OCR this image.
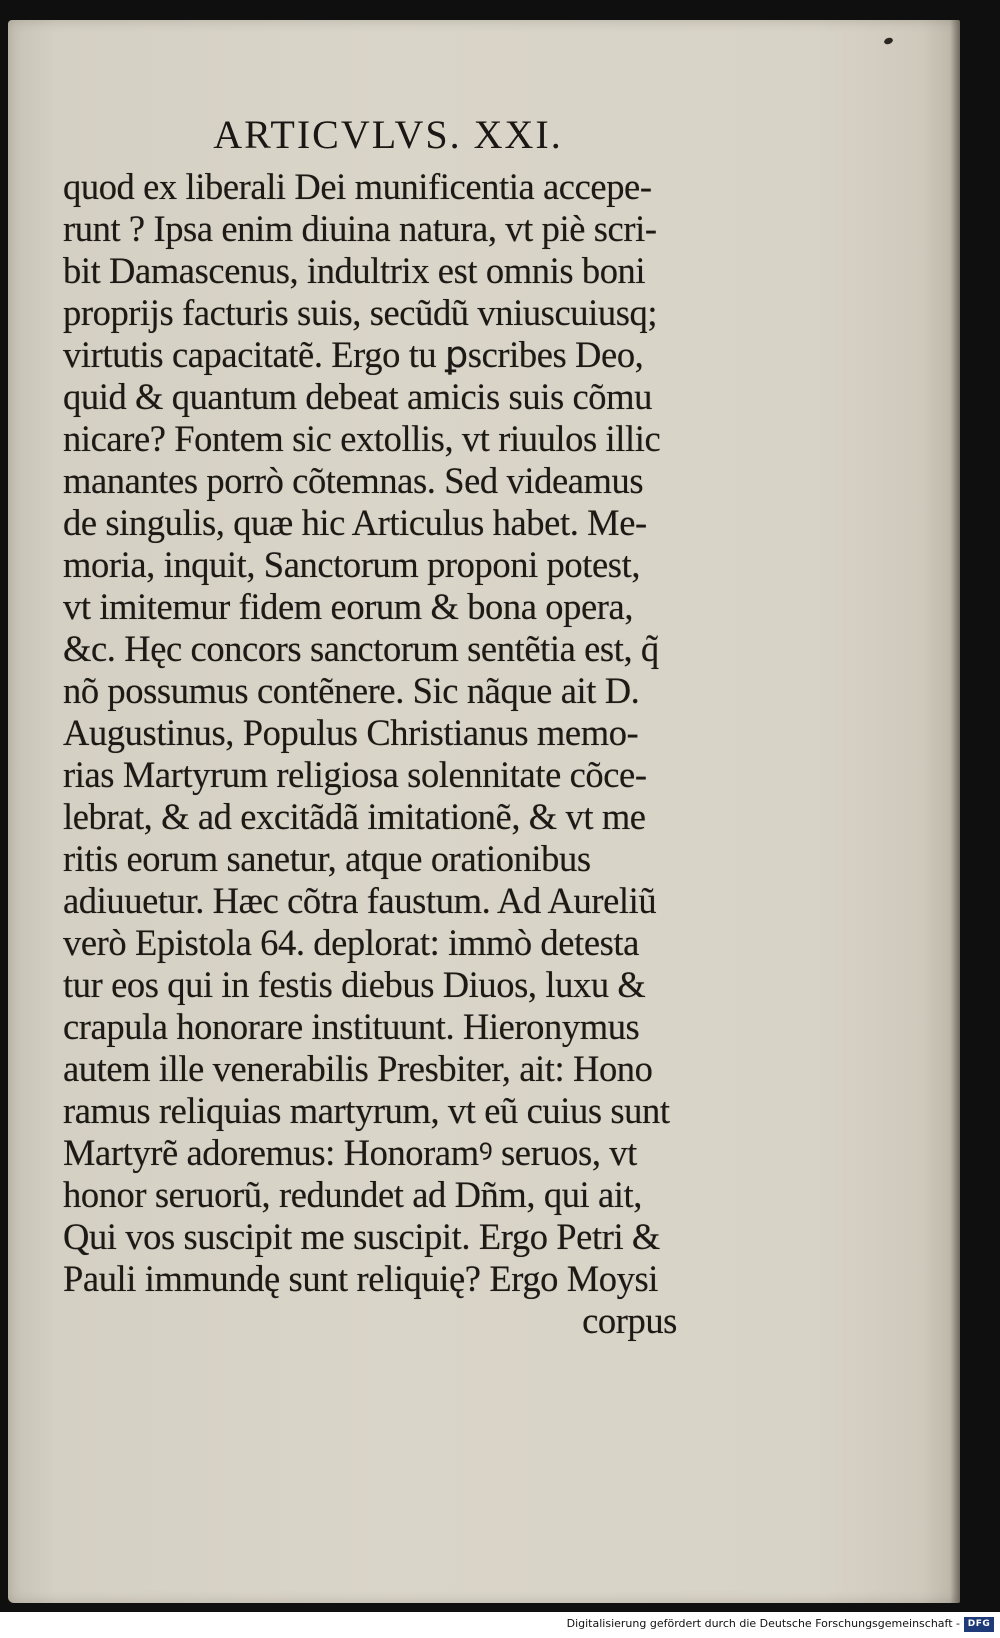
ARTICVLVS. XXI.
quod ex liberali Dei munificentia accepe-
runt ? Ipsa enim diuina natura, vt piè scri-
bit Damascenus, indultrix est omnis boni
proprijs facturis suis, secũdũ vniuscuiusq;
virtutis capacitatẽ. Ergo tu ꝑscribes Deo,
quid & quantum debeat amicis suis cõmu
nicare? Fontem sic extollis, vt riuulos illic
manantes porrò cõtemnas. Sed videamus
de singulis, quæ hic Articulus habet. Me-
moria, inquit, Sanctorum proponi potest,
vt imitemur fidem eorum & bona opera,
&c. Hęc concors sanctorum sentẽtia est, q̃
nõ possumus contẽnere. Sic nãque ait D.
Augustinus, Populus Christianus memo-
rias Martyrum religiosa solennitate cõce-
lebrat, & ad excitãdã imitationẽ, & vt me
ritis eorum sanetur, atque orationibus
adiuuetur. Hæc cõtra faustum. Ad Aureliũ
verò Epistola 64. deplorat: immò detesta
tur eos qui in festis diebus Diuos, luxu &
crapula honorare instituunt. Hieronymus
autem ille venerabilis Presbiter, ait: Hono
ramus reliquias martyrum, vt eũ cuius sunt
Martyrẽ adoremus: Honoramꝰ seruos, vt
honor seruorũ, redundet ad Dñm, qui ait,
Qui vos suscipit me suscipit. Ergo Petri &
Pauli immundę sunt reliquię? Ergo Moysi
corpus
Digitalisierung gefördert durch die Deutsche Forschungsgemeinschaft - DFG
